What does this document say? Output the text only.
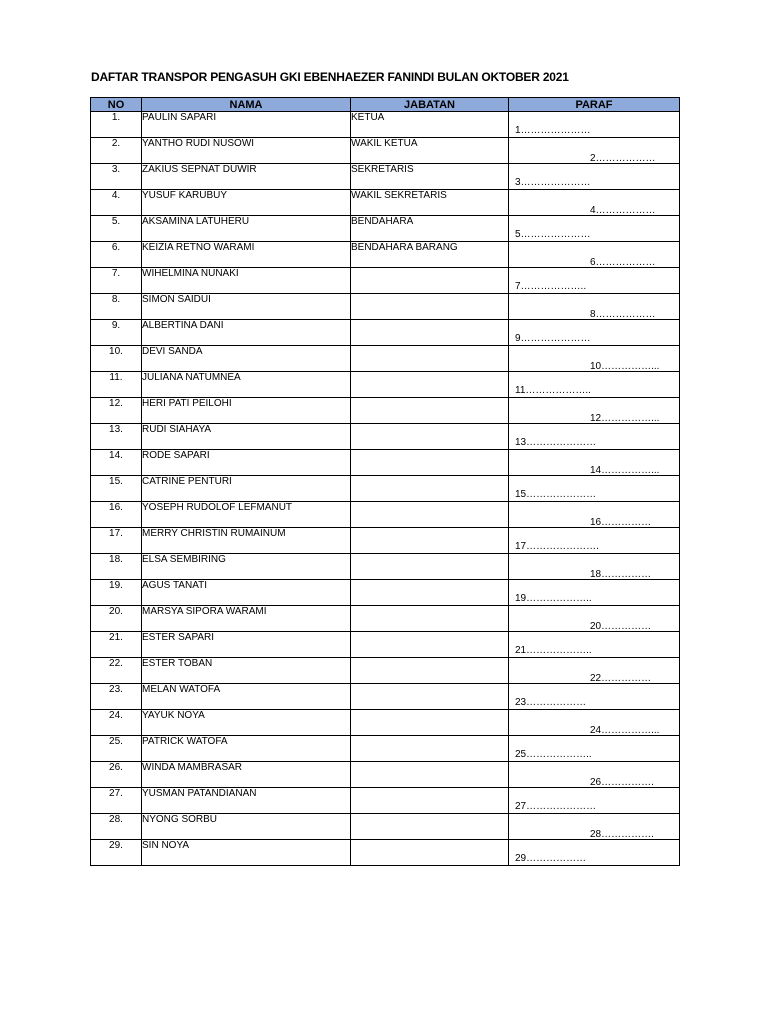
DAFTAR TRANSPOR PENGASUH GKI EBENHAEZER FANINDI BULAN OKTOBER 2021
NO	NAMA	JABATAN	PARAF
1.	PAULIN SAPARI	KETUA	1…………………

2.	YANTHO RUDI NUSOWI	WAKIL KETUA	2………………

3.	ZAKIUS SEPNAT DUWIR	SEKRETARIS	3…………………

4.	YUSUF KARUBUY	WAKIL SEKRETARIS	4………………

5.	AKSAMINA LATUHERU	BENDAHARA	5…………………

6.	KEIZIA RETNO WARAMI	BENDAHARA BARANG	6………………

7.	WIHELMINA NUNAKI		7………………..

8.	SIMON SAIDUI		8………………

9.	ALBERTINA DANI		9…………………

10.	DEVI SANDA		10……………...

11.	JULIANA NATUMNEA		11………………..

12.	HERI PATI PEILOHI		12……………...

13.	RUDI SIAHAYA		13…………………

14.	RODE SAPARI		14……………...

15.	CATRINE PENTURI		15…………………

16.	YOSEPH RUDOLOF LEFMANUT		16……………

17.	MERRY CHRISTIN RUMAINUM		17………………….

18.	ELSA SEMBIRING		18……………

19.	AGUS TANATI		19………………..

20.	MARSYA SIPORA WARAMI		20……………

21.	ESTER SAPARI		21………………..

22.	ESTER TOBAN		22……………

23.	MELAN WATOFA		23………………

24.	YAYUK NOYA		24……………...

25.	PATRICK WATOFA		25………………..

26.	WINDA MAMBRASAR		26…………….

27.	YUSMAN PATANDIANAN		27…………………

28.	NYONG SORBU		28…………….

29.	SIN NOYA		29………………
